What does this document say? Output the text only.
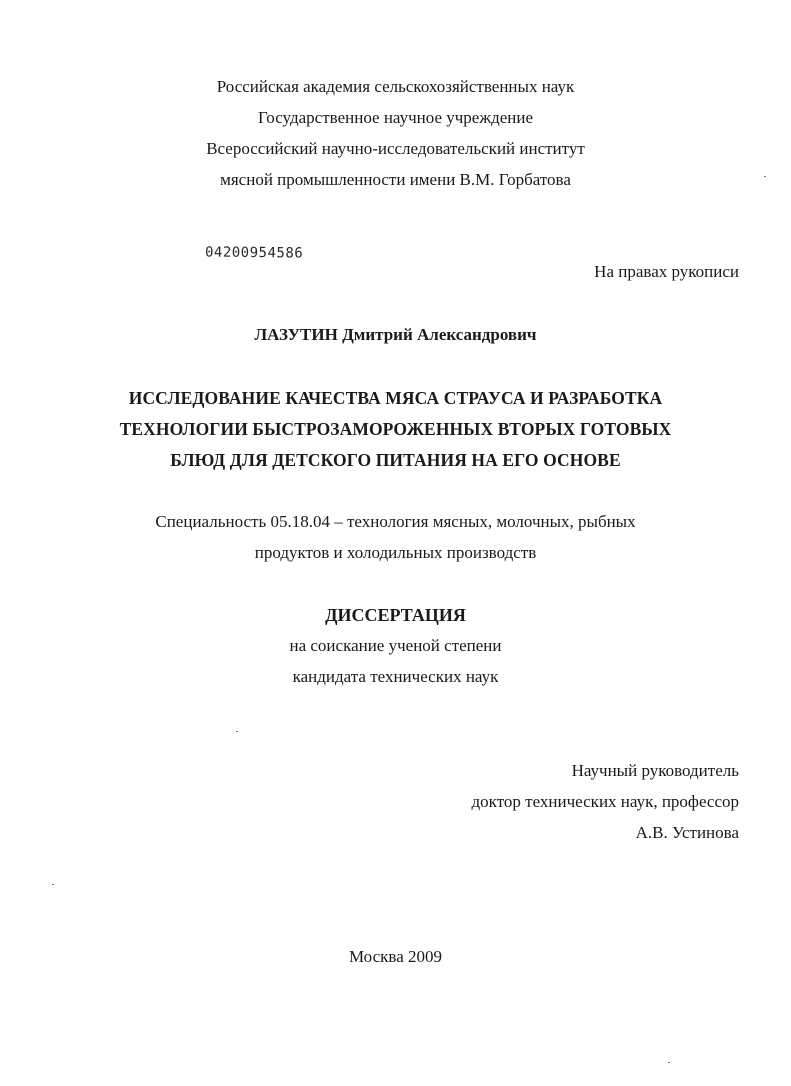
Российская академия сельскохозяйственных наук
Государственное научное учреждение
Всероссийский научно-исследовательский институт
мясной промышленности имени В.М. Горбатова
04200954586
На правах рукописи
ЛАЗУТИН Дмитрий Александрович
ИССЛЕДОВАНИЕ КАЧЕСТВА МЯСА СТРАУСА И РАЗРАБОТКА
ТЕХНОЛОГИИ БЫСТРОЗАМОРОЖЕННЫХ ВТОРЫХ ГОТОВЫХ
БЛЮД ДЛЯ ДЕТСКОГО ПИТАНИЯ НА ЕГО ОСНОВЕ
Специальность 05.18.04 – технология мясных, молочных, рыбных
продуктов и холодильных производств
ДИССЕРТАЦИЯ
на соискание ученой степени
кандидата технических наук
Научный руководитель
доктор технических наук, профессор
А.В. Устинова
Москва 2009
